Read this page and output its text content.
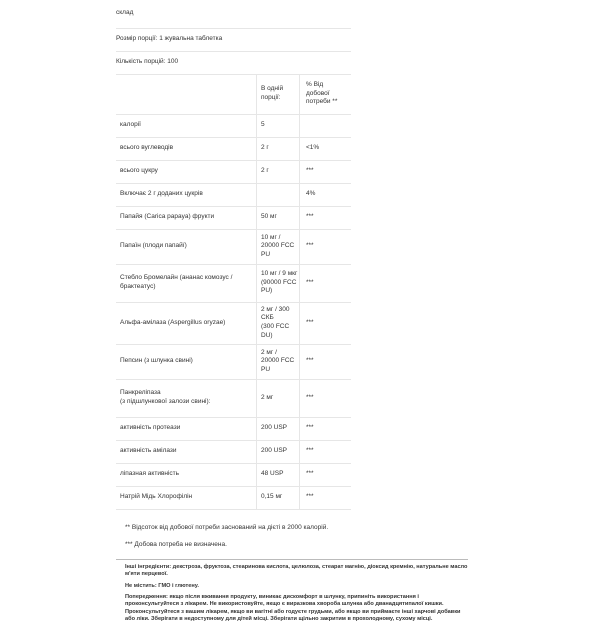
склад		
Розмір порції: 1 жувальна таблетка		
Кількість порцій: 100		

	В одній
порції:	% Від
добової
потреби **

калорії	5	

всього вуглеводів	2 г	<1%

всього цукру	2 г	***

Включає 2 г доданих цукрів		4%

Папайя (Carica papaya) фрукти	50 мг	***

Папаїн (плоди папайї)	10 мг /
20000 FCC
PU	***

Стебло Бромелайн (ананас комозус /
брактеатус)	10 мг / 9 мкг
(90000 FCC
PU)	***

Альфа-амілаза (Aspergillus oryzae)	2 мг / 300
СКБ
(300 FCC DU)	***

Пепсин (з шлунка свині)	2 мг /
20000 FCC
PU	***

Панкреліпаза
(з підшлункової залози свині):	2 мг	***

активність протеази	200 USP	***

активність амілази	200 USP	***

ліпазная активність	48 USP	***

Натрій Мідь Хлорофілін	0,15 мг	***
** Відсоток від добової потреби заснований на дієті в 2000 калорій.
*** Добова потреба не визначена.

Інші інгредієнти: декстроза, фруктоза, стеаринова кислота, целюлоза, стеарат магнію, діоксид кремнію, натуральне масло м'яти перцевої.

Не містить: ГМО і глютену.

Попередження: якщо після вживання продукту, виникає дискомфорт в шлунку, припиніть використання і проконсультуйтеся з лікарем. Не використовуйте, якщо є виразкова хвороба шлунка або дванадцятипалої кишки. Проконсультуйтеся з вашим лікарем, якщо ви вагітні або годуєте грудьми, або якщо ви приймаєте інші харчові добавки або ліки. Зберігати в недоступному для дітей місці. Зберігати щільно закритим в прохолодному, сухому місці.
